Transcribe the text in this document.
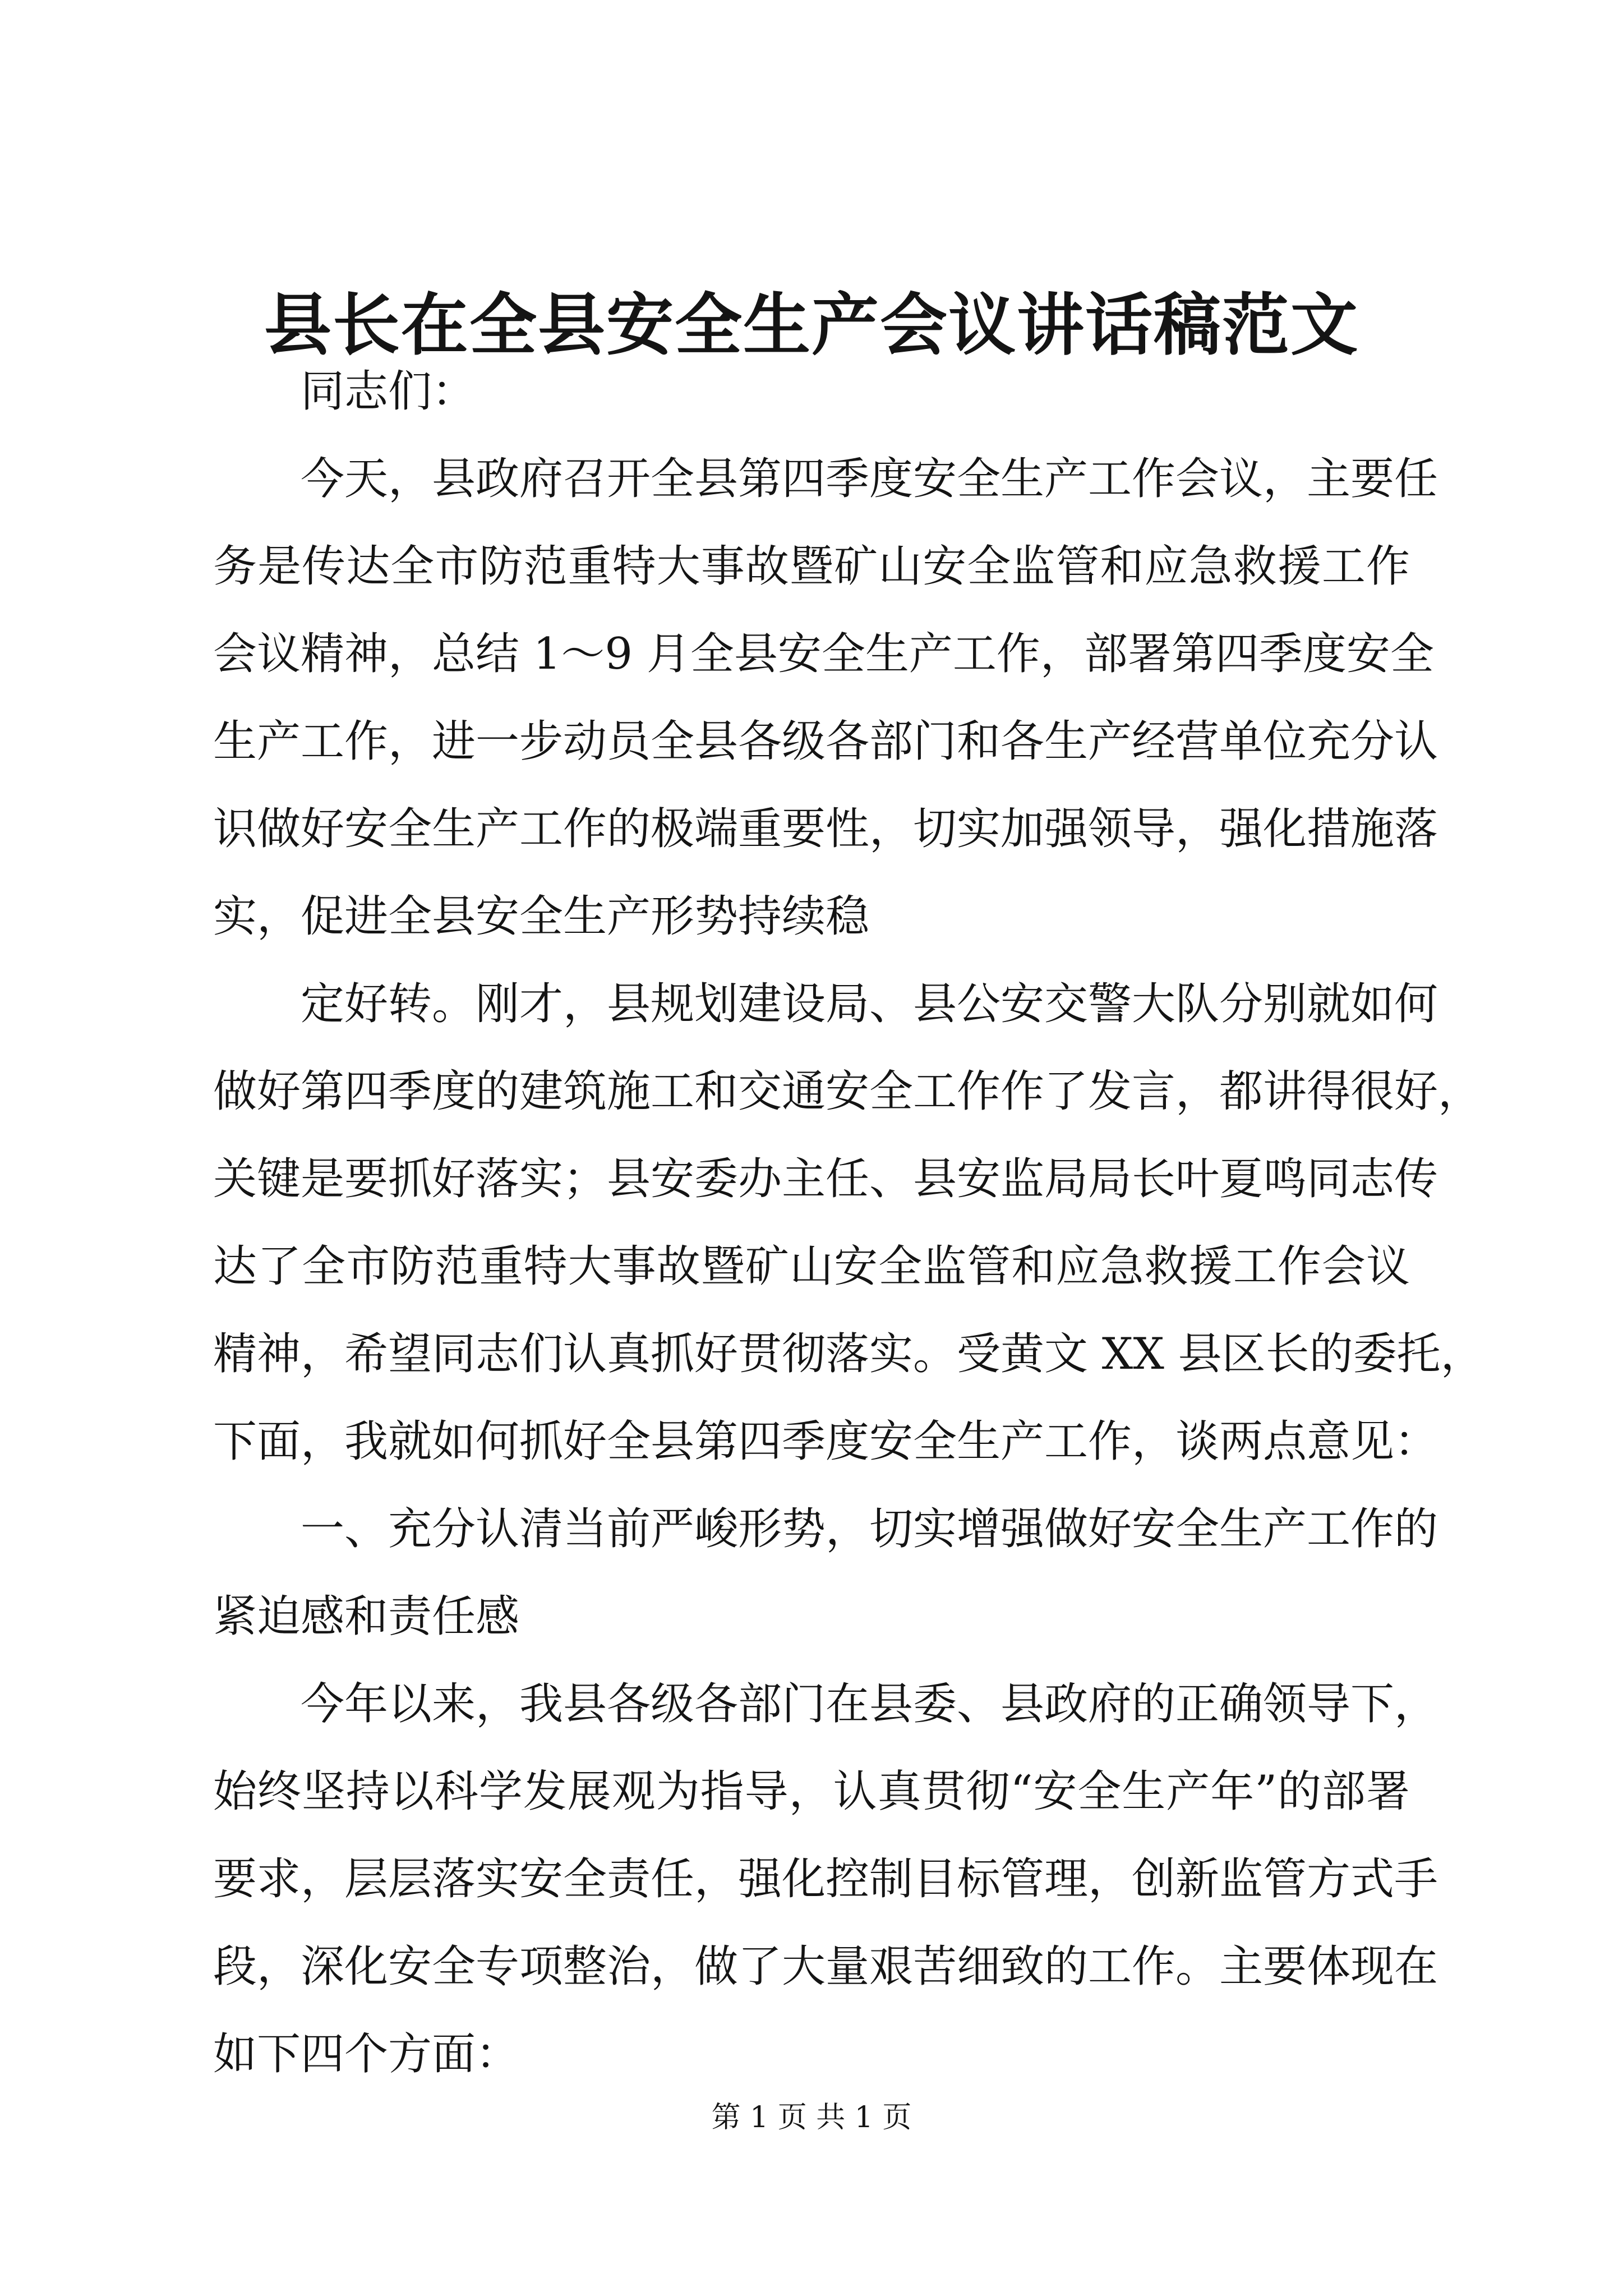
县长在全县安全生产会议讲话稿范文
同志们：
今天，县政府召开全县第四季度安全生产工作会议，主要任
务是传达全市防范重特大事故暨矿山安全监管和应急救援工作
会议精神，总结 1～9 月全县安全生产工作，部署第四季度安全
生产工作，进一步动员全县各级各部门和各生产经营单位充分认
识做好安全生产工作的极端重要性，切实加强领导，强化措施落
实，促进全县安全生产形势持续稳
定好转。刚才，县规划建设局、县公安交警大队分别就如何
做好第四季度的建筑施工和交通安全工作作了发言，都讲得很好，
关键是要抓好落实；县安委办主任、县安监局局长叶夏鸣同志传
达了全市防范重特大事故暨矿山安全监管和应急救援工作会议
精神，希望同志们认真抓好贯彻落实。受黄文 XX 县区长的委托，
下面，我就如何抓好全县第四季度安全生产工作，谈两点意见：
一、充分认清当前严峻形势，切实增强做好安全生产工作的
紧迫感和责任感
今年以来，我县各级各部门在县委、县政府的正确领导下，
始终坚持以科学发展观为指导，认真贯彻“安全生产年”的部署
要求，层层落实安全责任，强化控制目标管理，创新监管方式手
段，深化安全专项整治，做了大量艰苦细致的工作。主要体现在
如下四个方面：
第 1 页 共 1 页
